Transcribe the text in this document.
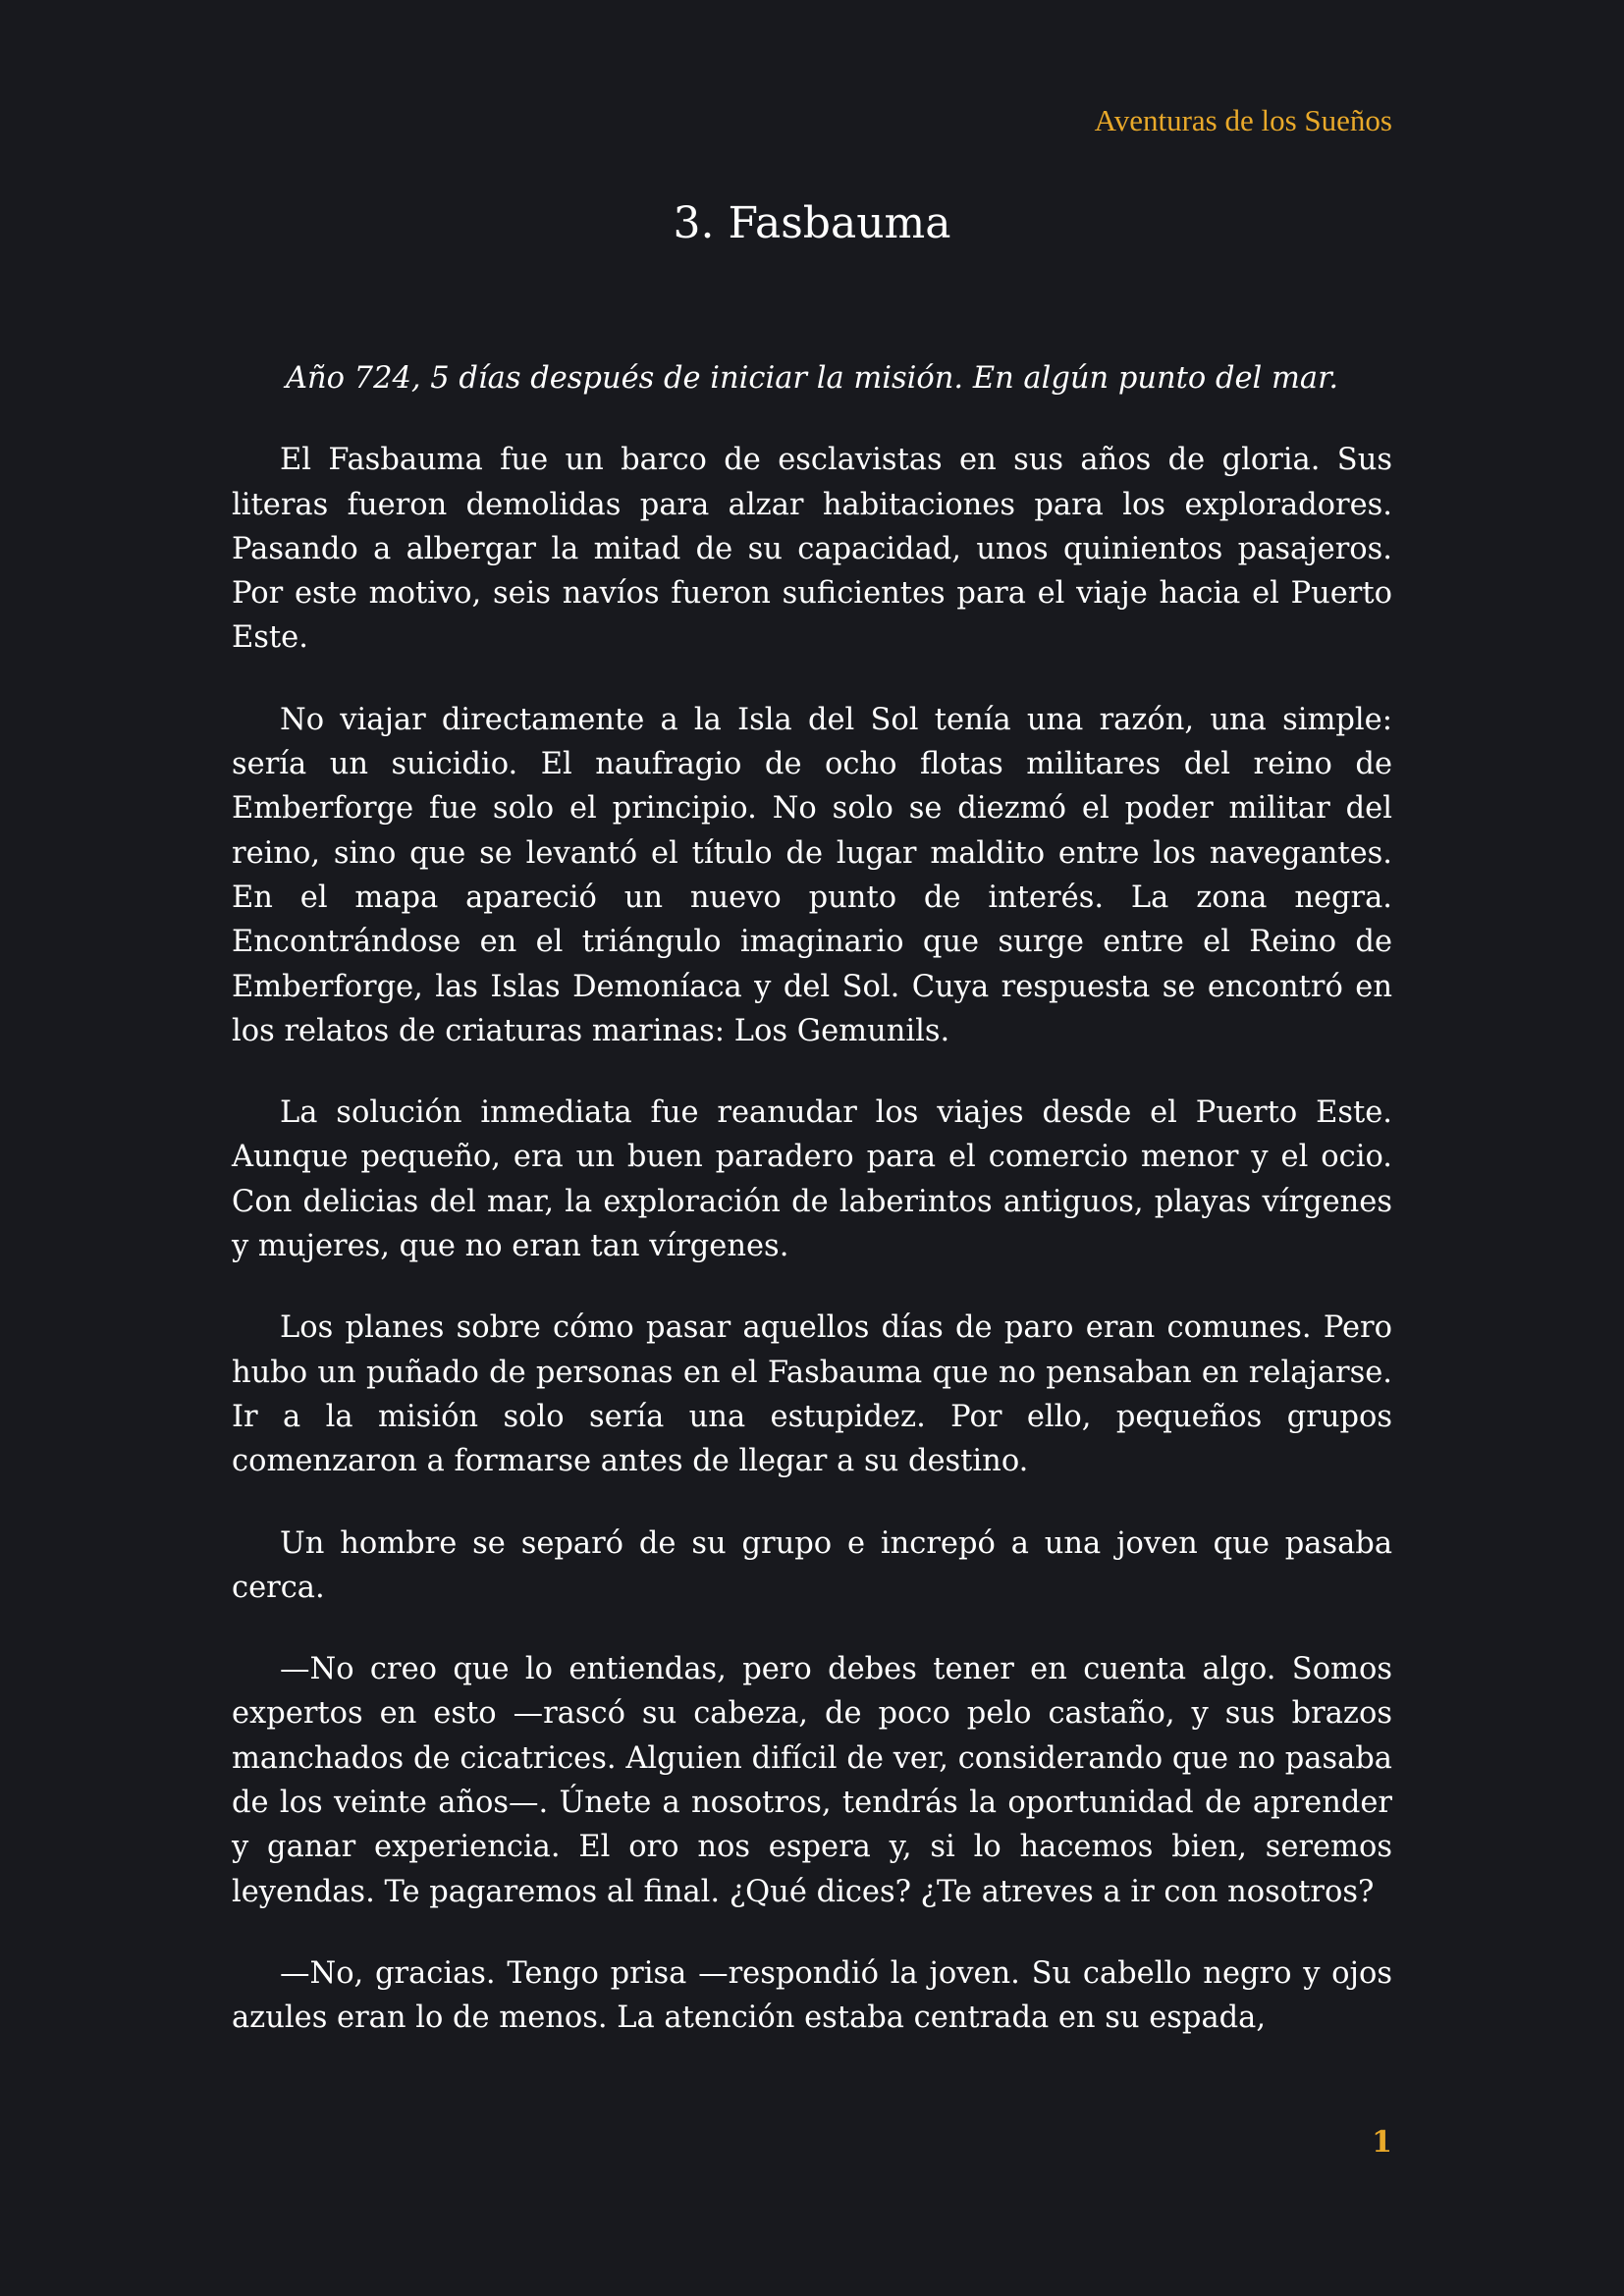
Aventuras de los Sueños
3. Fasbauma

Año 724, 5 días después de iniciar la misión. En algún punto del mar.

El Fasbauma fue un barco de esclavistas en sus años de gloria. Sus literas fueron demolidas para alzar habitaciones para los exploradores. Pasando a albergar la mitad de su capacidad, unos quinientos pasajeros. Por este motivo, seis navíos fueron suficientes para el viaje hacia el Puerto Este.

No viajar directamente a la Isla del Sol tenía una razón, una simple: sería un suicidio. El naufragio de ocho flotas militares del reino de Emberforge fue solo el principio. No solo se diezmó el poder militar del reino, sino que se levantó el título de lugar maldito entre los navegantes. En el mapa apareció un nuevo punto de interés. La zona negra. Encontrándose en el triángulo imaginario que surge entre el Reino de Emberforge, las Islas Demoníaca y del Sol. Cuya respuesta se encontró en los relatos de criaturas marinas: Los Gemunils.

La solución inmediata fue reanudar los viajes desde el Puerto Este. Aunque pequeño, era un buen paradero para el comercio menor y el ocio. Con delicias del mar, la exploración de laberintos antiguos, playas vírgenes y mujeres, que no eran tan vírgenes.

Los planes sobre cómo pasar aquellos días de paro eran comunes. Pero hubo un puñado de personas en el Fasbauma que no pensaban en relajarse. Ir a la misión solo sería una estupidez. Por ello, pequeños grupos comenzaron a formarse antes de llegar a su destino.

Un hombre se separó de su grupo e increpó a una joven que pasaba cerca.

—No creo que lo entiendas, pero debes tener en cuenta algo. Somos expertos en esto —rascó su cabeza, de poco pelo castaño, y sus brazos manchados de cicatrices. Alguien difícil de ver, considerando que no pasaba de los veinte años—. Únete a nosotros, tendrás la oportunidad de aprender y ganar experiencia. El oro nos espera y, si lo hacemos bien, seremos leyendas. Te pagaremos al final. ¿Qué dices? ¿Te atreves a ir con nosotros?

—No, gracias. Tengo prisa —respondió la joven. Su cabello negro y ojos azules eran lo de menos. La atención estaba centrada en su espada,

1
